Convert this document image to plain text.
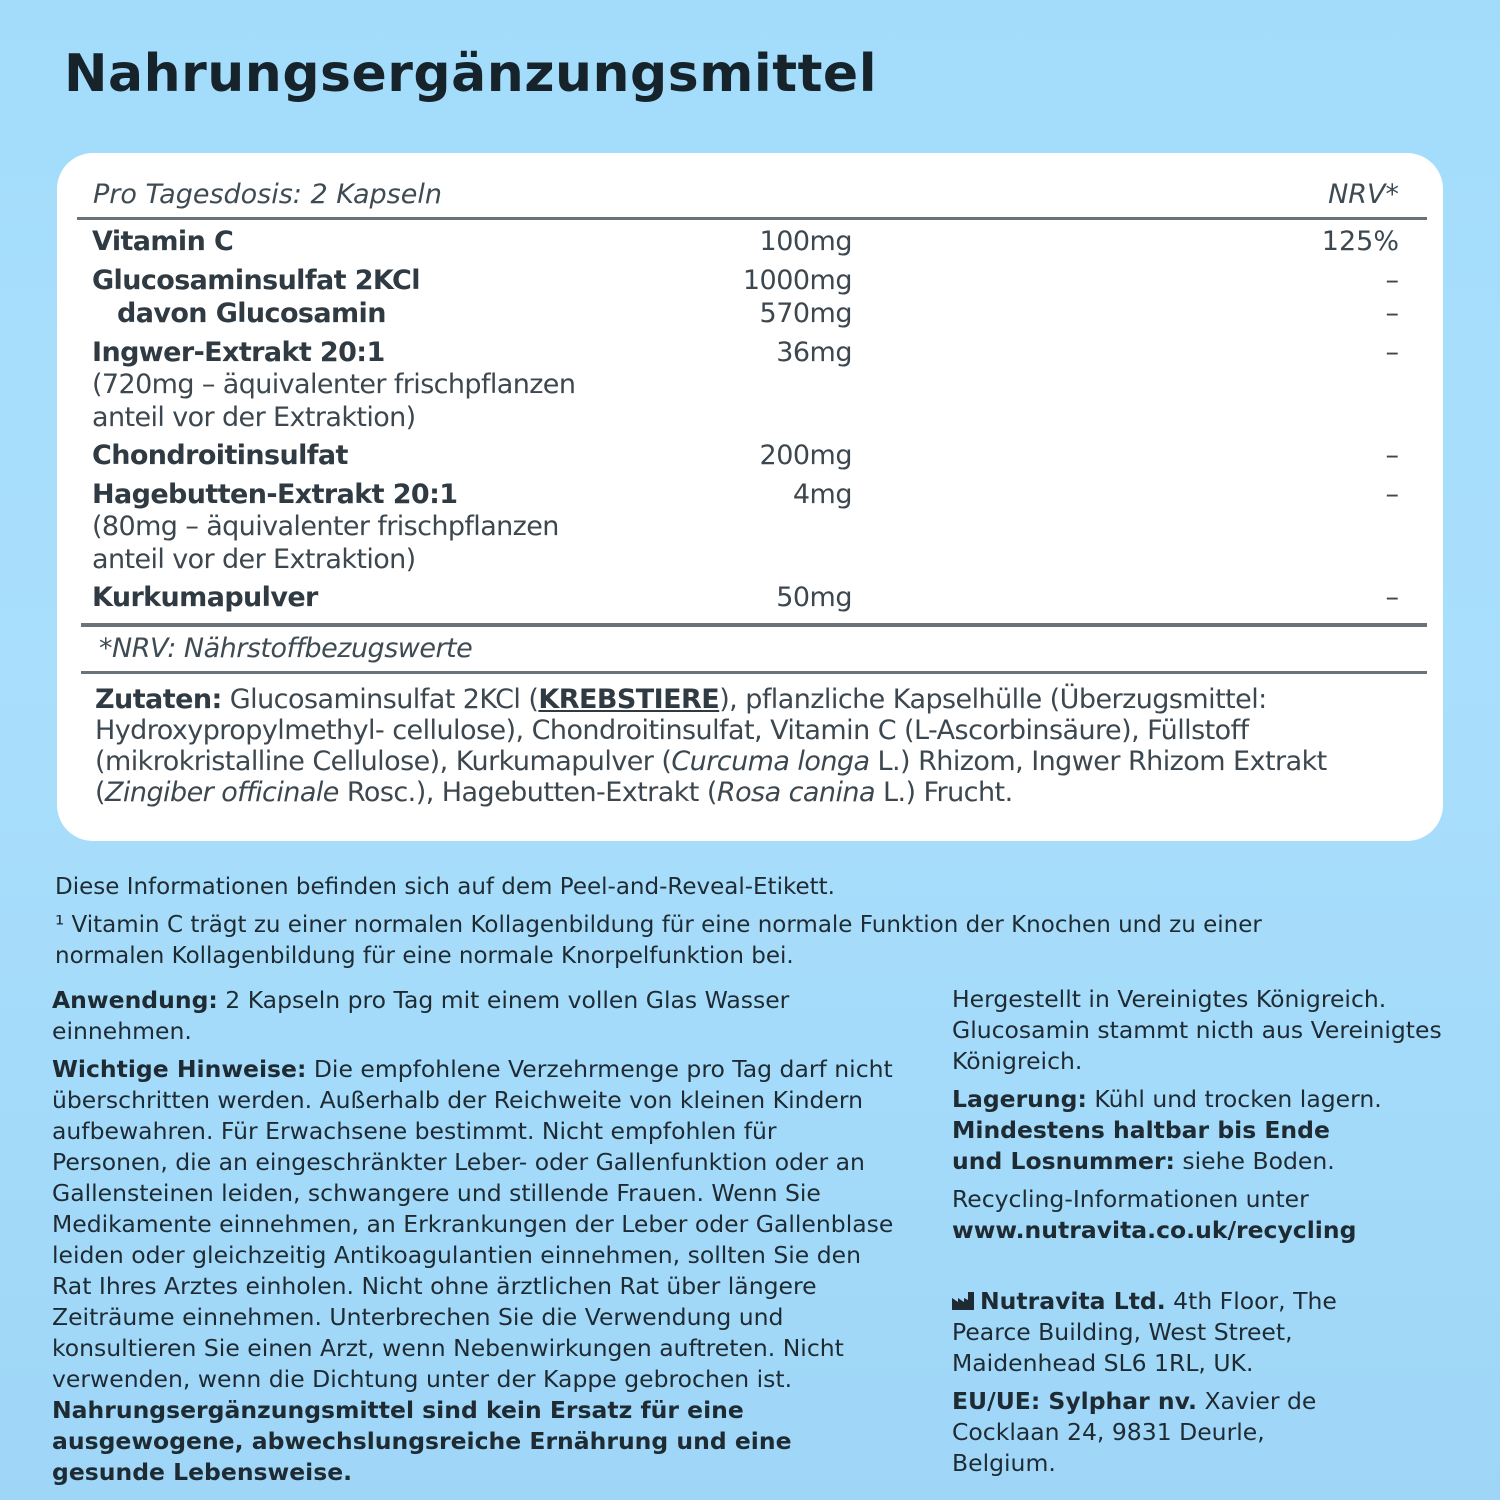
Nahrungsergänzungsmittel
Pro Tagesdosis: 2 Kapseln	NRV*
Vitamin C	100mg	125%
Glucosaminsulfat 2KCl	1000mg	–
davon Glucosamin	570mg	–
Ingwer-Extrakt 20:1	36mg	–
(720mg – äquivalenter frischpflanzen
anteil vor der Extraktion)
Chondroitinsulfat	200mg	–
Hagebutten-Extrakt 20:1	4mg	–
(80mg – äquivalenter frischpflanzen
anteil vor der Extraktion)
Kurkumapulver	50mg	–
*NRV: Nährstoffbezugswerte
Zutaten: Glucosaminsulfat 2KCl (KREBSTIERE), pflanzliche Kapselhülle (Überzugsmittel: Hydroxypropylmethyl- cellulose), Chondroitinsulfat, Vitamin C (L-Ascorbinsäure), Füllstoff (mikrokristalline Cellulose), Kurkumapulver (Curcuma longa L.) Rhizom, Ingwer Rhizom Extrakt (Zingiber officinale Rosc.), Hagebutten-Extrakt (Rosa canina L.) Frucht.
Diese Informationen befinden sich auf dem Peel-and-Reveal-Etikett.
¹ Vitamin C trägt zu einer normalen Kollagenbildung für eine normale Funktion der Knochen und zu einer
normalen Kollagenbildung für eine normale Knorpelfunktion bei.

Anwendung: 2 Kapseln pro Tag mit einem vollen Glas Wasser einnehmen.

Wichtige Hinweise: Die empfohlene Verzehrmenge pro Tag darf nicht überschritten werden. Außerhalb der Reichweite von kleinen Kindern aufbewahren. Für Erwachsene bestimmt. Nicht empfohlen für Personen, die an eingeschränkter Leber- oder Gallenfunktion oder an Gallensteinen leiden, schwangere und stillende Frauen. Wenn Sie Medikamente einnehmen, an Erkrankungen der Leber oder Gallenblase leiden oder gleichzeitig Antikoagulantien einnehmen, sollten Sie den Rat Ihres Arztes einholen. Nicht ohne ärztlichen Rat über längere Zeiträume einnehmen. Unterbrechen Sie die Verwendung und konsultieren Sie einen Arzt, wenn Nebenwirkungen auftreten. Nicht verwenden, wenn die Dichtung unter der Kappe gebrochen ist.
Nahrungsergänzungsmittel sind kein Ersatz für eine ausgewogene, abwechslungsreiche Ernährung und eine gesunde Lebensweise.

Hergestellt in Vereinigtes Königreich. Glucosamin stammt nicth aus Vereinigtes Königreich.

Lagerung: Kühl und trocken lagern.

Mindestens haltbar bis Ende und Losnummer: siehe Boden.

Recycling-Informationen unter

www.nutravita.co.uk/recycling

Nutravita Ltd. 4th Floor, The Pearce Building, West Street, Maidenhead SL6 1RL, UK.

EU/UE: Sylphar nv. Xavier de Cocklaan 24, 9831 Deurle, Belgium.
